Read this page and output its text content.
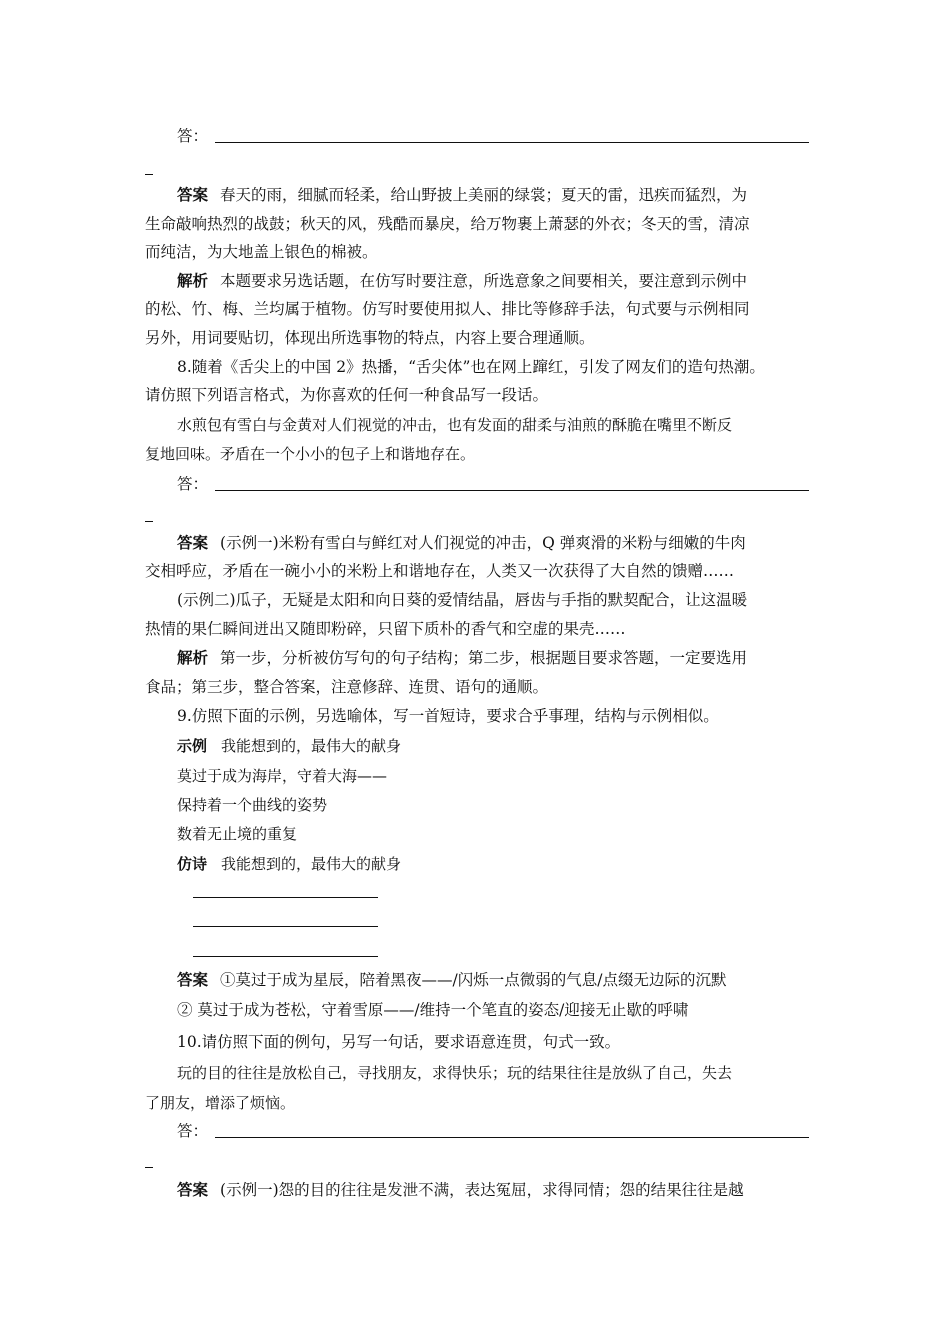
答：
答案 春天的雨，细腻而轻柔，给山野披上美丽的绿裳；夏天的雷，迅疾而猛烈，为
生命敲响热烈的战鼓；秋天的风，残酷而暴戾，给万物裹上萧瑟的外衣；冬天的雪，清凉
而纯洁，为大地盖上银色的棉被。
解析 本题要求另选话题，在仿写时要注意，所选意象之间要相关，要注意到示例中
的松、竹、梅、兰均属于植物。仿写时要使用拟人、排比等修辞手法，句式要与示例相同
另外，用词要贴切，体现出所选事物的特点，内容上要合理通顺。
8.随着《舌尖上的中国 2》热播，“舌尖体”也在网上蹿红，引发了网友们的造句热潮。
请仿照下列语言格式，为你喜欢的任何一种食品写一段话。
水煎包有雪白与金黄对人们视觉的冲击，也有发面的甜柔与油煎的酥脆在嘴里不断反
复地回味。矛盾在一个小小的包子上和谐地存在。
答：
答案 (示例一)米粉有雪白与鲜红对人们视觉的冲击，Q 弹爽滑的米粉与细嫩的牛肉
交相呼应，矛盾在一碗小小的米粉上和谐地存在，人类又一次获得了大自然的馈赠……
(示例二)瓜子，无疑是太阳和向日葵的爱情结晶，唇齿与手指的默契配合，让这温暖
热情的果仁瞬间迸出又随即粉碎，只留下质朴的香气和空虚的果壳……
解析 第一步，分析被仿写句的句子结构；第二步，根据题目要求答题，一定要选用
食品；第三步，整合答案，注意修辞、连贯、语句的通顺。
9.仿照下面的示例，另选喻体，写一首短诗，要求合乎事理，结构与示例相似。
示例 我能想到的，最伟大的献身
莫过于成为海岸，守着大海——
保持着一个曲线的姿势
数着无止境的重复
仿诗 我能想到的，最伟大的献身
答案 ①莫过于成为星辰，陪着黑夜——/闪烁一点微弱的气息/点缀无边际的沉默
② 莫过于成为苍松，守着雪原——/维持一个笔直的姿态/迎接无止歇的呼啸
10.请仿照下面的例句，另写一句话，要求语意连贯，句式一致。
玩的目的往往是放松自己，寻找朋友，求得快乐；玩的结果往往是放纵了自己，失去
了朋友，增添了烦恼。
答：
答案 (示例一)怨的目的往往是发泄不满，表达冤屈，求得同情；怨的结果往往是越
